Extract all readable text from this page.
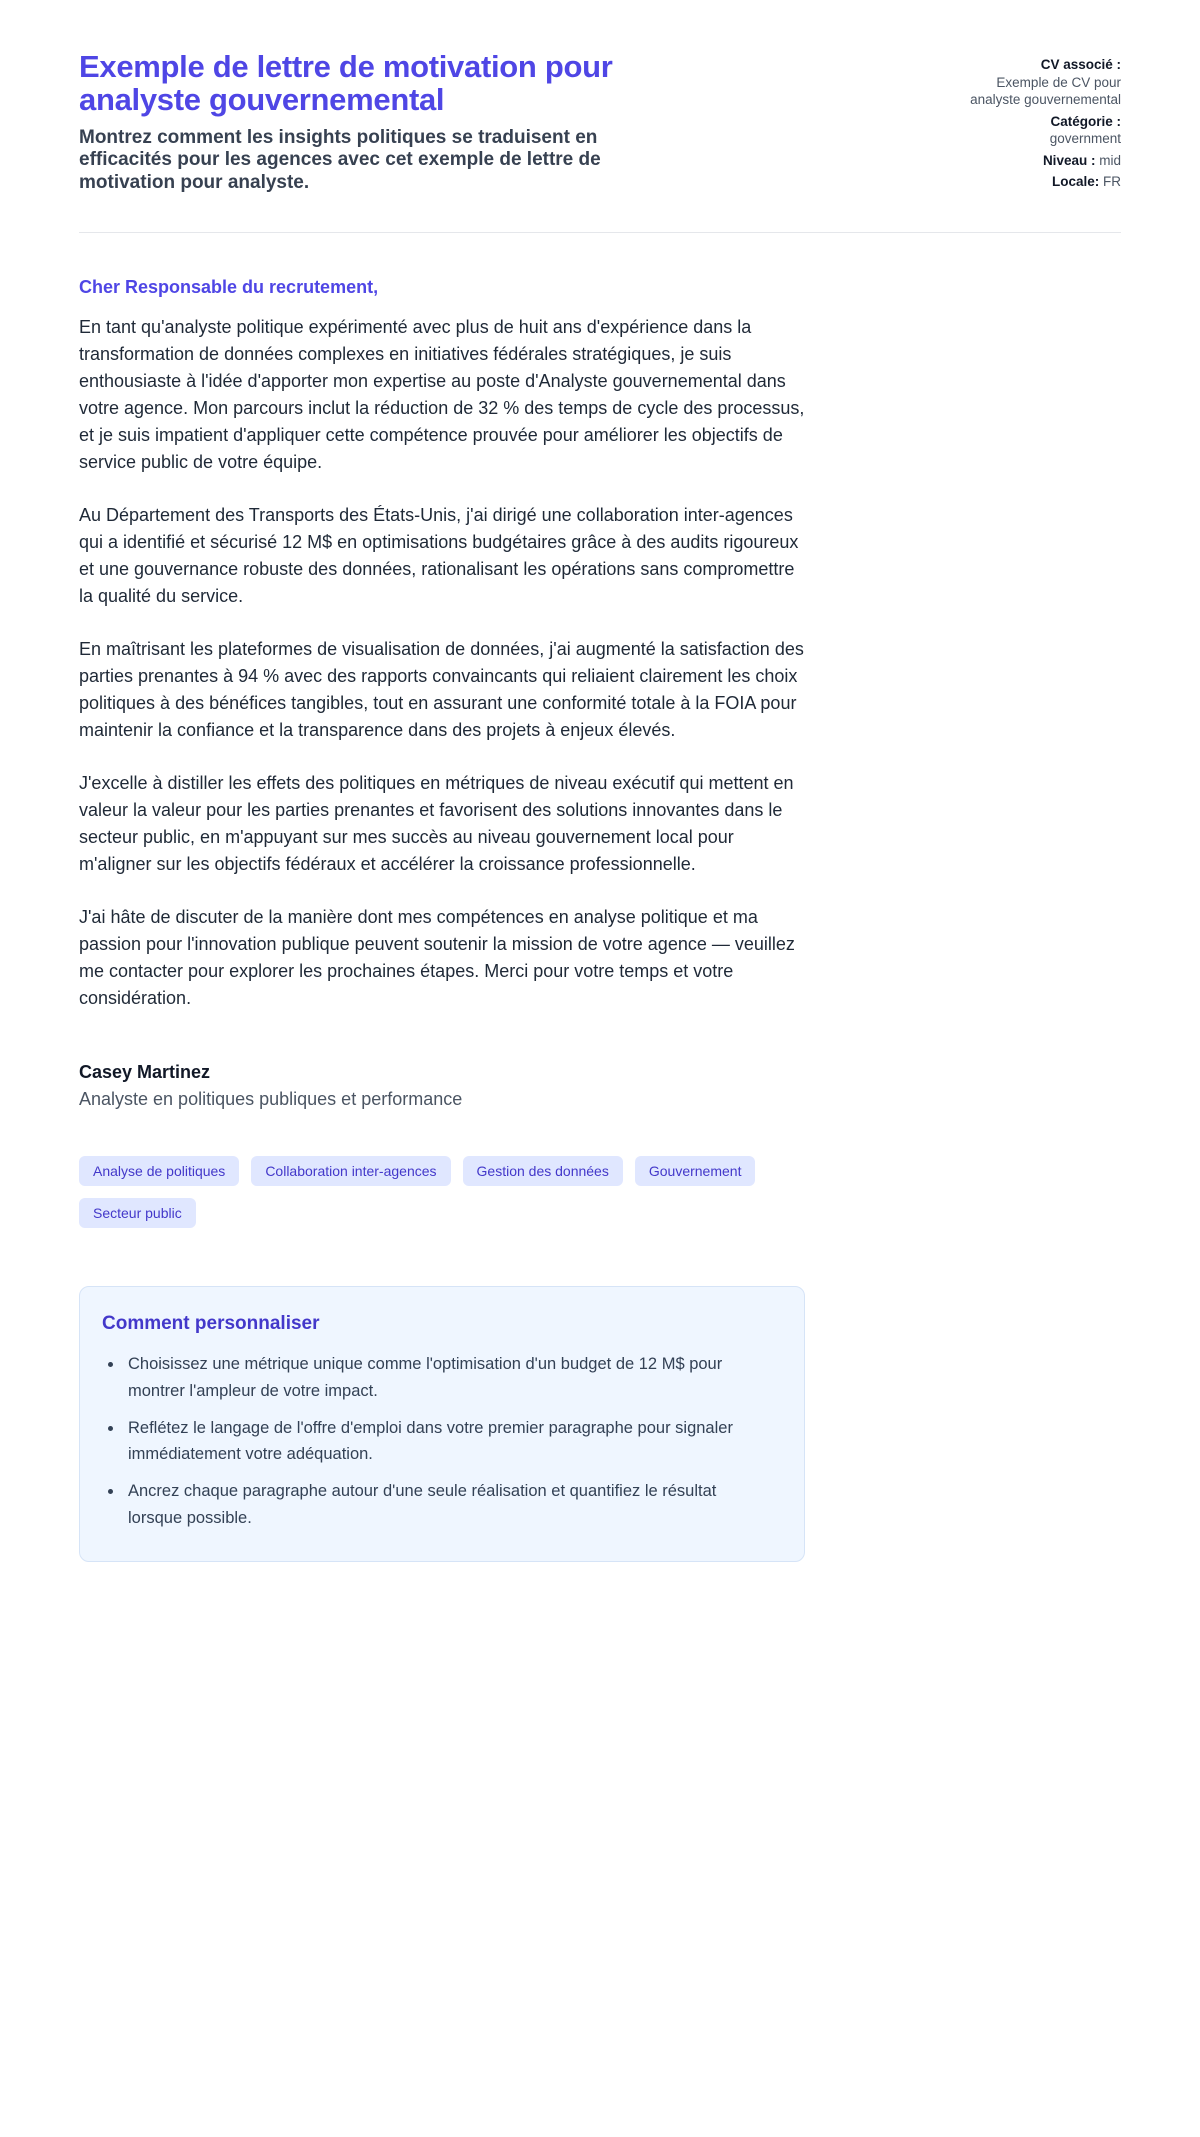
Exemple de lettre de motivation pour analyste gouvernemental

Montrez comment les insights politiques se traduisent en efficacités pour les agences avec cet exemple de lettre de motivation pour analyste.

CV associé :
Exemple de CV pour analyste gouvernemental
Catégorie :
government
Niveau : mid
Locale: FR

Cher Responsable du recrutement,

En tant qu'analyste politique expérimenté avec plus de huit ans d'expérience dans la transformation de données complexes en initiatives fédérales stratégiques, je suis enthousiaste à l'idée d'apporter mon expertise au poste d'Analyste gouvernemental dans votre agence. Mon parcours inclut la réduction de 32 % des temps de cycle des processus, et je suis impatient d'appliquer cette compétence prouvée pour améliorer les objectifs de service public de votre équipe.

Au Département des Transports des États-Unis, j'ai dirigé une collaboration inter-agences qui a identifié et sécurisé 12 M$ en optimisations budgétaires grâce à des audits rigoureux et une gouvernance robuste des données, rationalisant les opérations sans compromettre la qualité du service.

En maîtrisant les plateformes de visualisation de données, j'ai augmenté la satisfaction des parties prenantes à 94 % avec des rapports convaincants qui reliaient clairement les choix politiques à des bénéfices tangibles, tout en assurant une conformité totale à la FOIA pour maintenir la confiance et la transparence dans des projets à enjeux élevés.

J'excelle à distiller les effets des politiques en métriques de niveau exécutif qui mettent en valeur la valeur pour les parties prenantes et favorisent des solutions innovantes dans le secteur public, en m'appuyant sur mes succès au niveau gouvernement local pour m'aligner sur les objectifs fédéraux et accélérer la croissance professionnelle.

J'ai hâte de discuter de la manière dont mes compétences en analyse politique et ma passion pour l'innovation publique peuvent soutenir la mission de votre agence — veuillez me contacter pour explorer les prochaines étapes. Merci pour votre temps et votre considération.

Casey Martinez

Analyste en politiques publiques et performance

Analyse de politiques	Collaboration inter-agences	Gestion des données	Gouvernement
Secteur public
Comment personnaliser
• Choisissez une métrique unique comme l'optimisation d'un budget de 12 M$ pour montrer l'ampleur de votre impact.
• Reflétez le langage de l'offre d'emploi dans votre premier paragraphe pour signaler immédiatement votre adéquation.
• Ancrez chaque paragraphe autour d'une seule réalisation et quantifiez le résultat lorsque possible.
